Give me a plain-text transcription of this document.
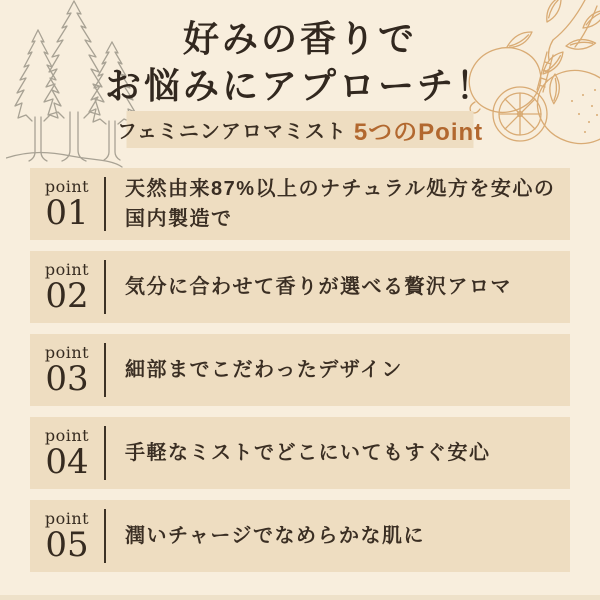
好みの香りで
お悩みにアプローチ！
フェミニンアロマミスト 5つのPoint
point
01
天然由来87%以上のナチュラル処方を安心の
国内製造で
point
02	気分に合わせて香りが選べる贅沢アロマ
point
03	細部までこだわったデザイン
point
04	手軽なミストでどこにいてもすぐ安心
point
05	潤いチャージでなめらかな肌に
